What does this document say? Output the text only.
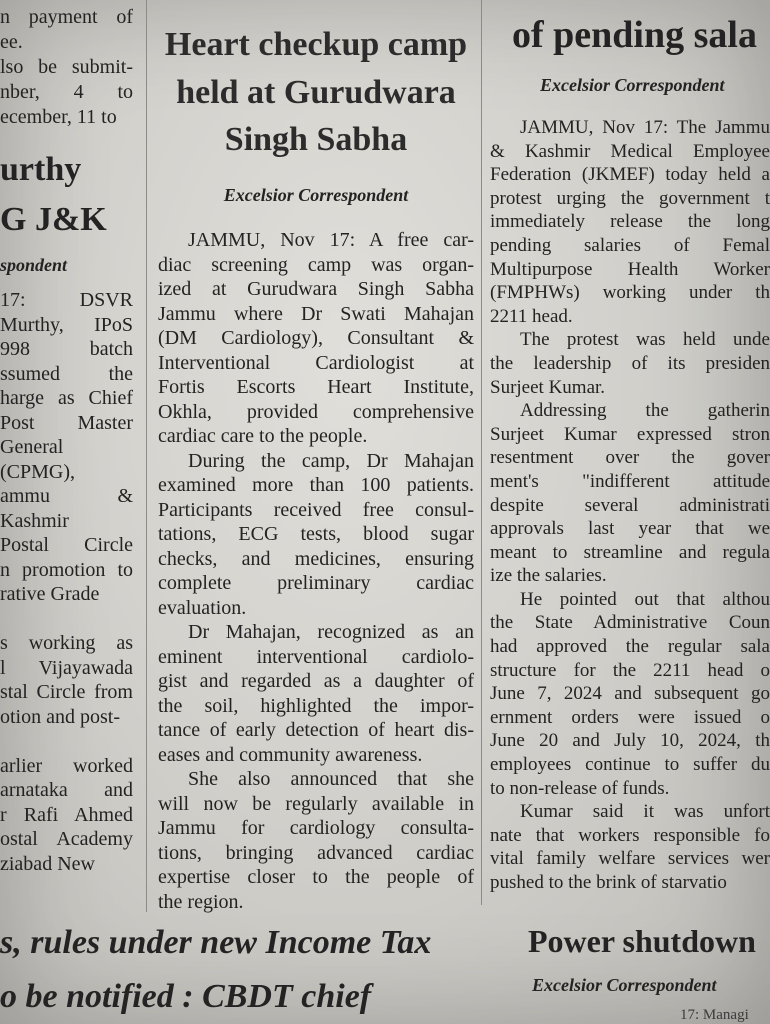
n payment of
ee.
lso be submit-
nber, 4 to
ecember, 11 to
urthy
G J&K
spondent
17: DSVR
Murthy, IPoS
998 batch
ssumed the
harge as Chief
Post Master
General
(CPMG),
ammu &
Kashmir
Postal Circle
n promotion to
rative Grade
s working as
l Vijayawada
stal Circle from
otion and post-
arlier worked
arnataka and
r Rafi Ahmed
ostal Academy
ziabad New
Heart checkup camp
held at Gurudwara
Singh Sabha
Excelsior Correspondent
JAMMU, Nov 17: A free car-
diac screening camp was organ-
ized at Gurudwara Singh Sabha
Jammu where Dr Swati Mahajan
(DM Cardiology), Consultant &
Interventional Cardiologist at
Fortis Escorts Heart Institute,
Okhla, provided comprehensive
cardiac care to the people.
During the camp, Dr Mahajan
examined more than 100 patients.
Participants received free consul-
tations, ECG tests, blood sugar
checks, and medicines, ensuring
complete preliminary cardiac
evaluation.
Dr Mahajan, recognized as an
eminent interventional cardiolo-
gist and regarded as a daughter of
the soil, highlighted the impor-
tance of early detection of heart dis-
eases and community awareness.
She also announced that she
will now be regularly available in
Jammu for cardiology consulta-
tions, bringing advanced cardiac
expertise closer to the people of
the region.
of pending sala
Excelsior Correspondent
JAMMU, Nov 17: The Jammu
& Kashmir Medical Employee
Federation (JKMEF) today held a
protest urging the government t
immediately release the long
pending salaries of Femal
Multipurpose Health Worker
(FMPHWs) working under th
2211 head.
The protest was held unde
the leadership of its presiden
Surjeet Kumar.
Addressing the gatherin
Surjeet Kumar expressed stron
resentment over the gover
ment's "indifferent attitude
despite several administrati
approvals last year that we
meant to streamline and regula
ize the salaries.
He pointed out that althou
the State Administrative Coun
had approved the regular sala
structure for the 2211 head o
June 7, 2024 and subsequent go
ernment orders were issued o
June 20 and July 10, 2024, th
employees continue to suffer du
to non-release of funds.
Kumar said it was unfort
nate that workers responsible fo
vital family welfare services wer
pushed to the brink of starvatio
s, rules under new Income Tax
o be notified : CBDT chief
Power shutdown
Excelsior Correspondent
17: Managi
